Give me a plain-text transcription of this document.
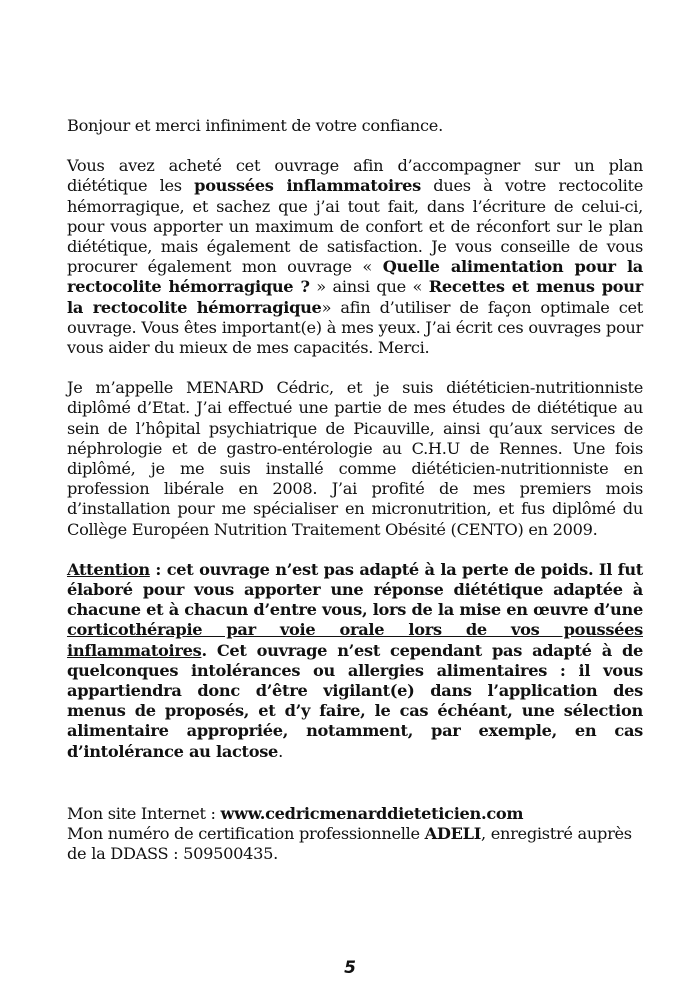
Bonjour et merci infiniment de votre confiance.

Vous avez acheté cet ouvrage afin d’accompagner sur un plan diététique les poussées inflammatoires dues à votre rectocolite hémorragique, et sachez que j’ai tout fait, dans l’écriture de celui-ci, pour vous apporter un maximum de confort et de réconfort sur le plan diététique, mais également de satisfaction. Je vous conseille de vous procurer également mon ouvrage « Quelle alimentation pour la rectocolite hémorragique ? » ainsi que « Recettes et menus pour la rectocolite hémorragique» afin d’utiliser de façon optimale cet ouvrage. Vous êtes important(e) à mes yeux. J’ai écrit ces ouvrages pour vous aider du mieux de mes capacités. Merci.

Je m’appelle MENARD Cédric, et je suis diététicien-nutritionniste diplômé d’Etat. J’ai effectué une partie de mes études de diététique au sein de l’hôpital psychiatrique de Picauville, ainsi qu’aux services de néphrologie et de gastro-entérologie au C.H.U de Rennes. Une fois diplômé, je me suis installé comme diététicien-nutritionniste en profession libérale en 2008. J’ai profité de mes premiers mois d’installation pour me spécialiser en micronutrition, et fus diplômé du Collège Européen Nutrition Traitement Obésité (CENTO) en 2009.

Attention : cet ouvrage n’est pas adapté à la perte de poids. Il fut élaboré pour vous apporter une réponse diététique adaptée à chacune et à chacun d’entre vous, lors de la mise en œuvre d’une corticothérapie par voie orale lors de vos poussées inflammatoires. Cet ouvrage n’est cependant pas adapté à de quelconques intolérances ou allergies alimentaires : il vous appartiendra donc d’être vigilant(e) dans l’application des menus de proposés, et d’y faire, le cas échéant, une sélection alimentaire appropriée, notamment, par exemple, en cas d’intolérance au lactose.

Mon site Internet : www.cedricmenarddieteticien.com

Mon numéro de certification professionnelle ADELI, enregistré auprès de la DDASS : 509500435.

5
